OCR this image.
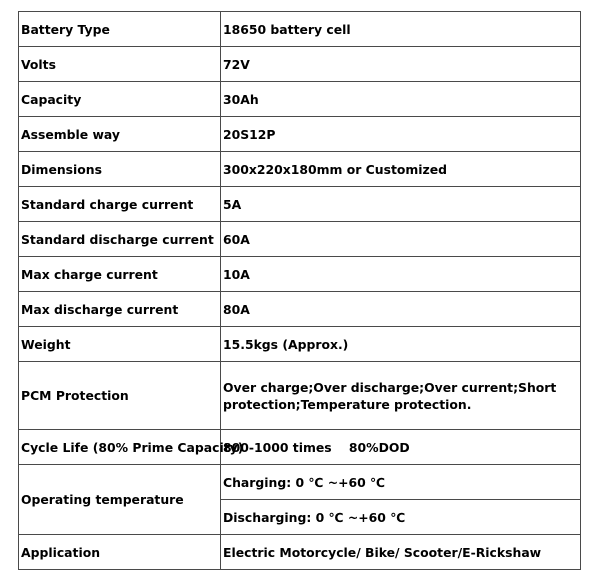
Battery Type	18650 battery cell
Volts	72V
Capacity	30Ah
Assemble way	20S12P
Dimensions	300x220x180mm or Customized
Standard charge current	5A
Standard discharge current	60A
Max charge current	10A
Max discharge current	80A
Weight	15.5kgs (Approx.)
PCM Protection	Over charge;Over discharge;Over current;Short
protection;Temperature protection.
Cycle Life (80% Prime Capacity)	800-1000 times    80%DOD
Operating temperature	Charging: 0 ℃ ~+60 ℃
	Discharging: 0 ℃ ~+60 ℃
Application	Electric Motorcycle/ Bike/ Scooter/E-Rickshaw
